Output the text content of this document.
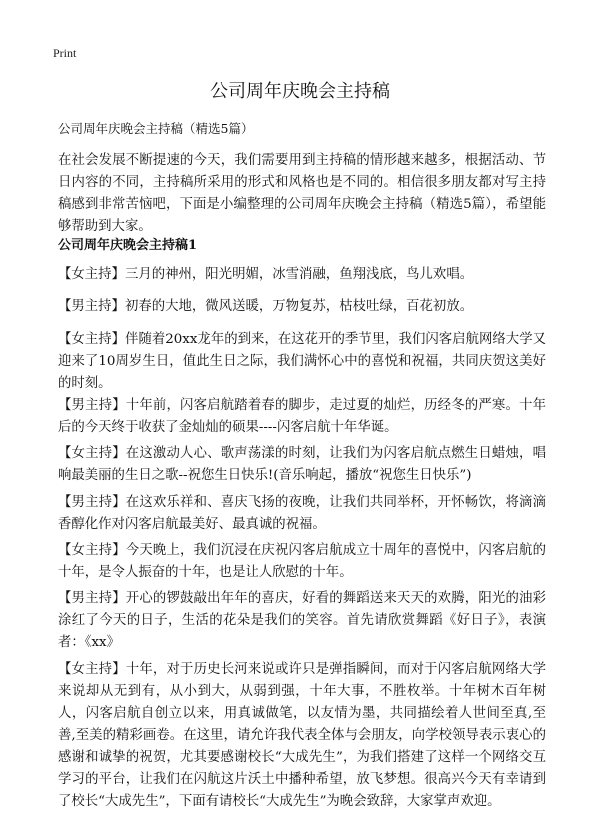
Print
公司周年庆晚会主持稿
公司周年庆晚会主持稿（精选5篇）

在社会发展不断提速的今天，我们需要用到主持稿的情形越来越多，根据活动、节日内容的不同，主持稿所采用的形式和风格也是不同的。相信很多朋友都对写主持稿感到非常苦恼吧，下面是小编整理的公司周年庆晚会主持稿（精选5篇），希望能够帮助到大家。

公司周年庆晚会主持稿1

【女主持】三月的神州，阳光明媚，冰雪消融，鱼翔浅底，鸟儿欢唱。

【男主持】初春的大地，微风送暖，万物复苏，枯枝吐绿，百花初放。

【女主持】伴随着20xx龙年的到来，在这花开的季节里，我们闪客启航网络大学又迎来了10周岁生日，值此生日之际，我们满怀心中的喜悦和祝福，共同庆贺这美好的时刻。

【男主持】十年前，闪客启航踏着春的脚步，走过夏的灿烂，历经冬的严寒。十年后的今天终于收获了金灿灿的硕果----闪客启航十年华诞。

【女主持】在这激动人心、歌声荡漾的时刻，让我们为闪客启航点燃生日蜡烛，唱响最美丽的生日之歌--祝您生日快乐!(音乐响起，播放“祝您生日快乐”)

【男主持】在这欢乐祥和、喜庆飞扬的夜晚，让我们共同举杯，开怀畅饮，将滴滴香醇化作对闪客启航最美好、最真诚的祝福。

【女主持】今天晚上，我们沉浸在庆祝闪客启航成立十周年的喜悦中，闪客启航的十年，是令人振奋的十年，也是让人欣慰的十年。

【男主持】开心的锣鼓敲出年年的喜庆，好看的舞蹈送来天天的欢腾，阳光的油彩涂红了今天的日子，生活的花朵是我们的笑容。首先请欣赏舞蹈《好日子》，表演者：《xx》

【女主持】十年，对于历史长河来说或许只是弹指瞬间，而对于闪客启航网络大学来说却从无到有，从小到大，从弱到强，十年大事，不胜枚举。十年树木百年树人，闪客启航自创立以来，用真诚做笔，以友情为墨，共同描绘着人世间至真,至善,至美的精彩画卷。在这里，请允许我代表全体与会朋友，向学校领导表示衷心的感谢和诚挚的祝贺，尤其要感谢校长“大成先生”，为我们搭建了这样一个网络交互学习的平台，让我们在闪航这片沃土中播种希望，放飞梦想。很高兴今天有幸请到了校长“大成先生”，下面有请校长“大成先生”为晚会致辞，大家掌声欢迎。
